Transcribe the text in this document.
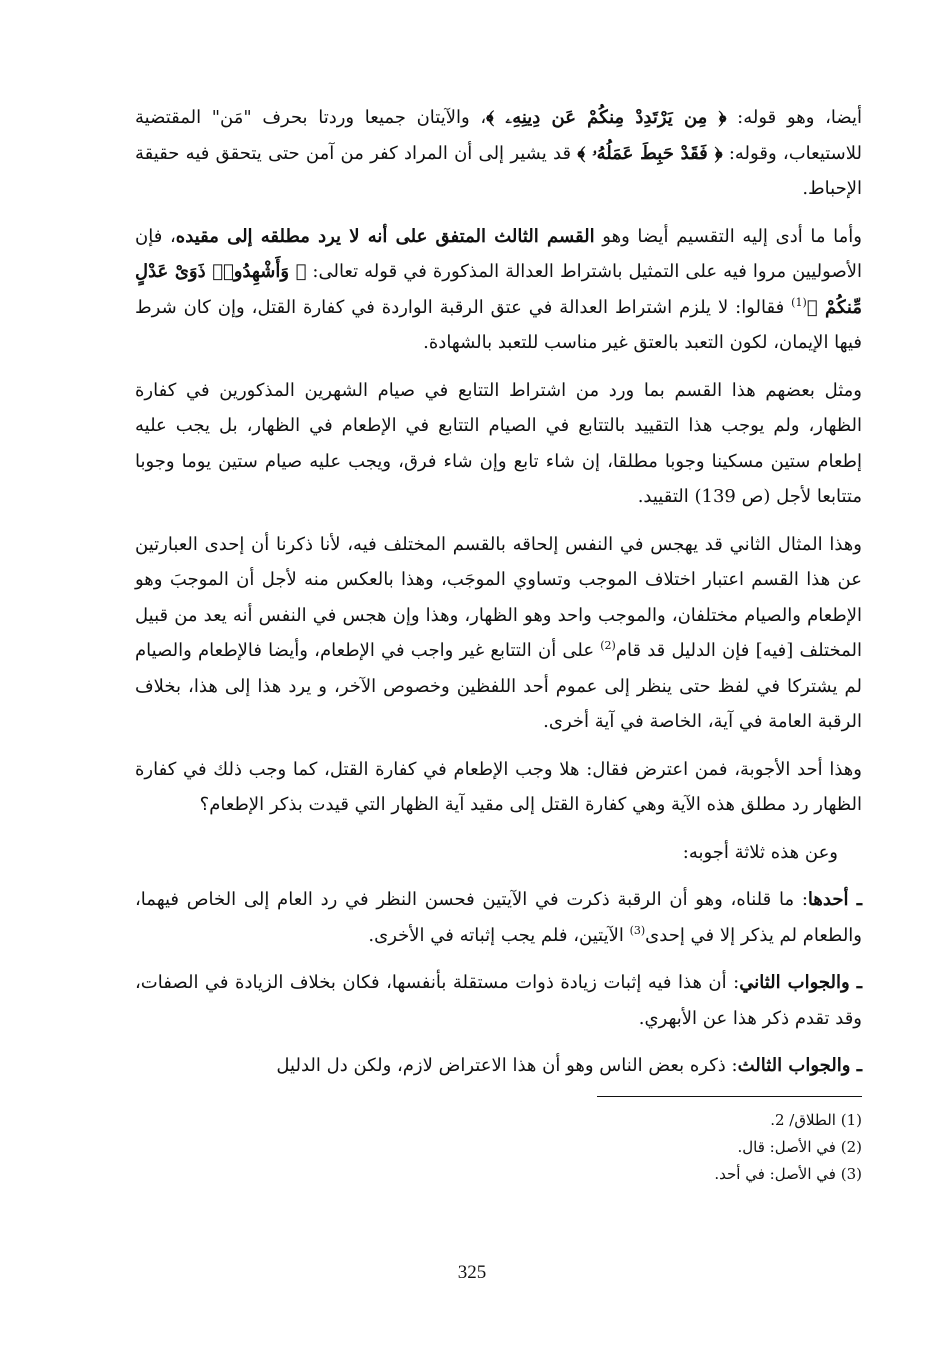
أيضا، وهو قوله: ﴿ مِن يَرْتَدِدْ مِنكُمْ عَن دِينِهِۦ ﴾، والآيتان جميعا وردتا بحرف "مَن" المقتضية للاستيعاب، وقوله: ﴿ فَقَدْ حَبِطَ عَمَلُهُۥ ﴾ قد يشير إلى أن المراد كفر من آمن حتى يتحقق فيه حقيقة الإحباط.

وأما ما أدى إليه التقسيم أيضا وهو القسم الثالث المتفق على أنه لا يرد مطلقه إلى مقيده، فإن الأصوليين مروا فيه على التمثيل باشتراط العدالة المذكورة في قوله تعالى: ﴿ وَأَشْهِدُوا۟ ذَوَىْ عَدْلٍ مِّنكُمْ ﴾$^{(1)}$ فقالوا: لا يلزم اشتراط العدالة في عتق الرقبة الواردة في كفارة القتل، وإن كان شرط فيها الإيمان، لكون التعبد بالعتق غير مناسب للتعبد بالشهادة.

ومثل بعضهم هذا القسم بما ورد من اشتراط التتابع في صيام الشهرين المذكورين في كفارة الظهار، ولم يوجب هذا التقييد بالتتابع في الصيام التتابع في الإطعام في الظهار، بل يجب عليه إطعام ستين مسكينا وجوبا مطلقا، إن شاء تابع وإن شاء فرق، ويجب عليه صيام ستين يوما وجوبا متتابعا لأجل (ص 139) التقييد.

وهذا المثال الثاني قد يهجس في النفس إلحاقه بالقسم المختلف فيه، لأنا ذكرنا أن إحدى العبارتين عن هذا القسم اعتبار اختلاف الموجب وتساوي الموجَب، وهذا بالعكس منه لأجل أن الموجبَ وهو الإطعام والصيام مختلفان، والموجب واحد وهو الظهار، وهذا وإن هجس في النفس أنه يعد من قبيل المختلف [فيه] فإن الدليل قد قام$^{(2)}$ على أن التتابع غير واجب في الإطعام، وأيضا فالإطعام والصيام لم يشتركا في لفظ حتى ينظر إلى عموم أحد اللفظين وخصوص الآخر، و يرد هذا إلى هذا، بخلاف الرقبة العامة في آية، الخاصة في آية أخرى.

وهذا أحد الأجوبة، فمن اعترض فقال: هلا وجب الإطعام في كفارة القتل، كما وجب ذلك في كفارة الظهار رد مطلق هذه الآية وهي كفارة القتل إلى مقيد آية الظهار التي قيدت بذكر الإطعام؟

وعن هذه ثلاثة أجوبه:

ـ أحدها: ما قلناه، وهو أن الرقبة ذكرت في الآيتين فحسن النظر في رد العام إلى الخاص فيهما، والطعام لم يذكر إلا في إحدى$^{(3)}$ الآيتين، فلم يجب إثباته في الأخرى.

ـ والجواب الثاني: أن هذا فيه إثبات زيادة ذوات مستقلة بأنفسها، فكان بخلاف الزيادة في الصفات، وقد تقدم ذكر هذا عن الأبهري.

ـ والجواب الثالث: ذكره بعض الناس وهو أن هذا الاعتراض لازم، ولكن دل الدليل

(1) الطلاق/ 2.

(2) في الأصل: قال.

(3) في الأصل: في أحد.

325
